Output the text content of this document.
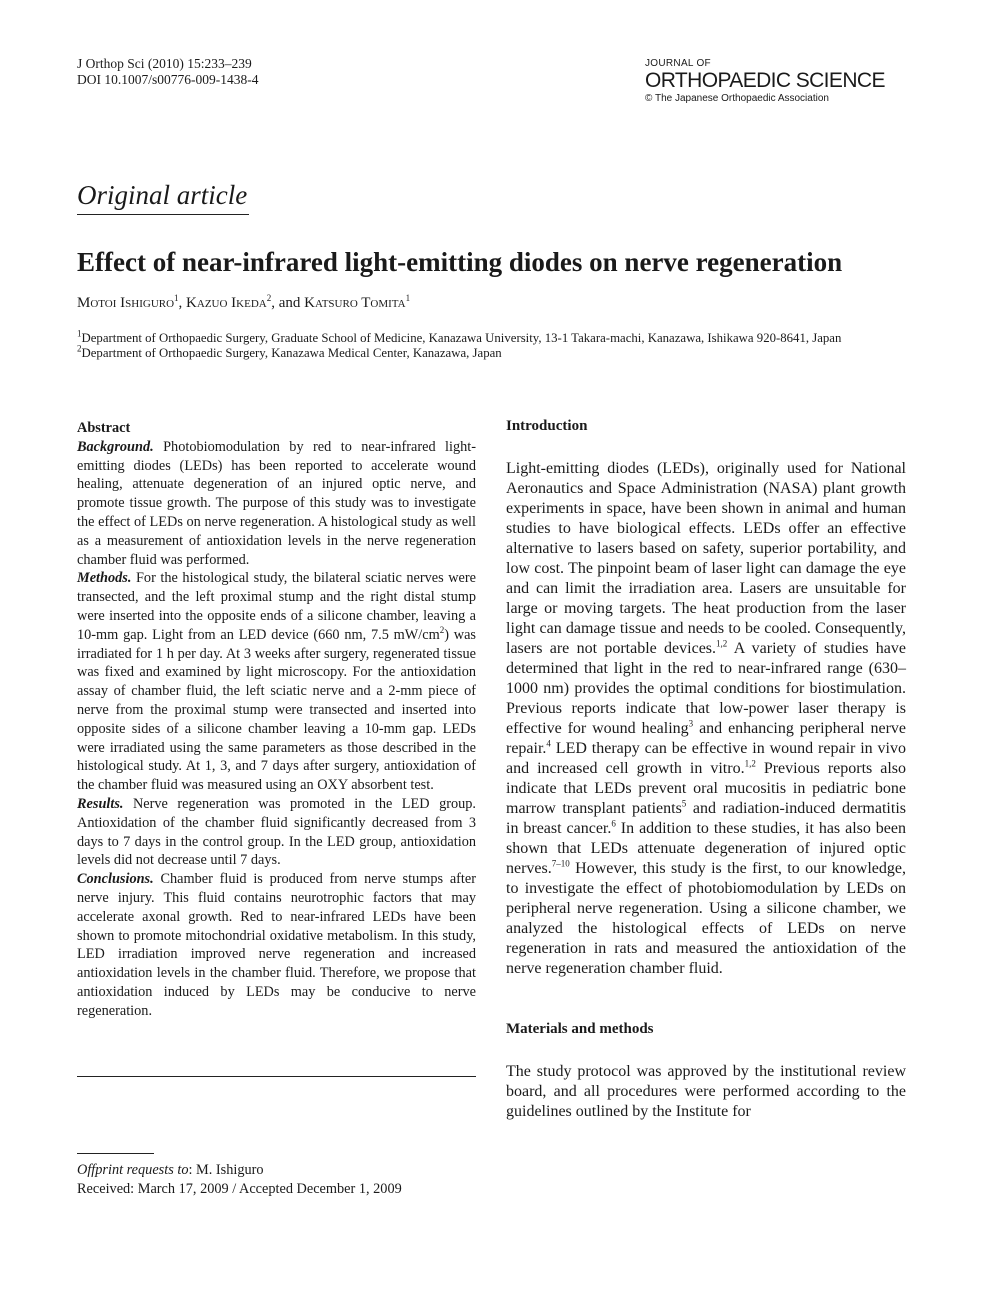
J Orthop Sci (2010) 15:233–239
DOI 10.1007/s00776-009-1438-4
JOURNAL OF
ORTHOPAEDIC SCIENCE
© The Japanese Orthopaedic Association
Original article
Effect of near-infrared light-emitting diodes on nerve regeneration
Motoi Ishiguro$^1$, Kazuo Ikeda$^2$, and Katsuro Tomita$^1$
$^1$Department of Orthopaedic Surgery, Graduate School of Medicine, Kanazawa University, 13-1 Takara-machi, Kanazawa, Ishikawa 920-8641, Japan
$^2$Department of Orthopaedic Surgery, Kanazawa Medical Center, Kanazawa, Japan

Abstract

Background. Photobiomodulation by red to near-infrared light-emitting diodes (LEDs) has been reported to accelerate wound healing, attenuate degeneration of an injured optic nerve, and promote tissue growth. The purpose of this study was to investigate the effect of LEDs on nerve regeneration. A histological study as well as a measurement of antioxidation levels in the nerve regeneration chamber fluid was performed.

Methods. For the histological study, the bilateral sciatic nerves were transected, and the left proximal stump and the right distal stump were inserted into the opposite ends of a silicone chamber, leaving a 10-mm gap. Light from an LED device (660 nm, 7.5 $mW/cm^2$) was irradiated for 1 h per day. At 3 weeks after surgery, regenerated tissue was fixed and examined by light microscopy. For the antioxidation assay of chamber fluid, the left sciatic nerve and a 2-mm piece of nerve from the proximal stump were transected and inserted into opposite sides of a silicone chamber leaving a 10-mm gap. LEDs were irradiated using the same parameters as those described in the histological study. At 1, 3, and 7 days after surgery, antioxidation of the chamber fluid was measured using an OXY absorbent test.

Results. Nerve regeneration was promoted in the LED group. Antioxidation of the chamber fluid significantly decreased from 3 days to 7 days in the control group. In the LED group, antioxidation levels did not decrease until 7 days.

Conclusions. Chamber fluid is produced from nerve stumps after nerve injury. This fluid contains neurotrophic factors that may accelerate axonal growth. Red to near-infrared LEDs have been shown to promote mitochondrial oxidative metabolism. In this study, LED irradiation improved nerve regeneration and increased antioxidation levels in the chamber fluid. Therefore, we propose that antioxidation induced by LEDs may be conducive to nerve regeneration.

Offprint requests to: M. Ishiguro
Received: March 17, 2009 / Accepted December 1, 2009

Introduction

Light-emitting diodes (LEDs), originally used for National Aeronautics and Space Administration (NASA) plant growth experiments in space, have been shown in animal and human studies to have biological effects. LEDs offer an effective alternative to lasers based on safety, superior portability, and low cost. The pinpoint beam of laser light can damage the eye and can limit the irradiation area. Lasers are unsuitable for large or moving targets. The heat production from the laser light can damage tissue and needs to be cooled. Consequently, lasers are not portable devices.$^{1,2}$ A variety of studies have determined that light in the red to near-infrared range (630–1000 nm) provides the optimal conditions for biostimulation. Previous reports indicate that low-power laser therapy is effective for wound healing$^3$ and enhancing peripheral nerve repair.$^4$ LED therapy can be effective in wound repair in vivo and increased cell growth in vitro.$^{1,2}$ Previous reports also indicate that LEDs prevent oral mucositis in pediatric bone marrow transplant patients$^5$ and radiation-induced dermatitis in breast cancer.$^6$ In addition to these studies, it has also been shown that LEDs attenuate degeneration of injured optic nerves.$^{7-10}$ However, this study is the first, to our knowledge, to investigate the effect of photobiomodulation by LEDs on peripheral nerve regeneration. Using a silicone chamber, we analyzed the histological effects of LEDs on nerve regeneration in rats and measured the antioxidation of the nerve regeneration chamber fluid.

Materials and methods

The study protocol was approved by the institutional review board, and all procedures were performed according to the guidelines outlined by the Institute for
